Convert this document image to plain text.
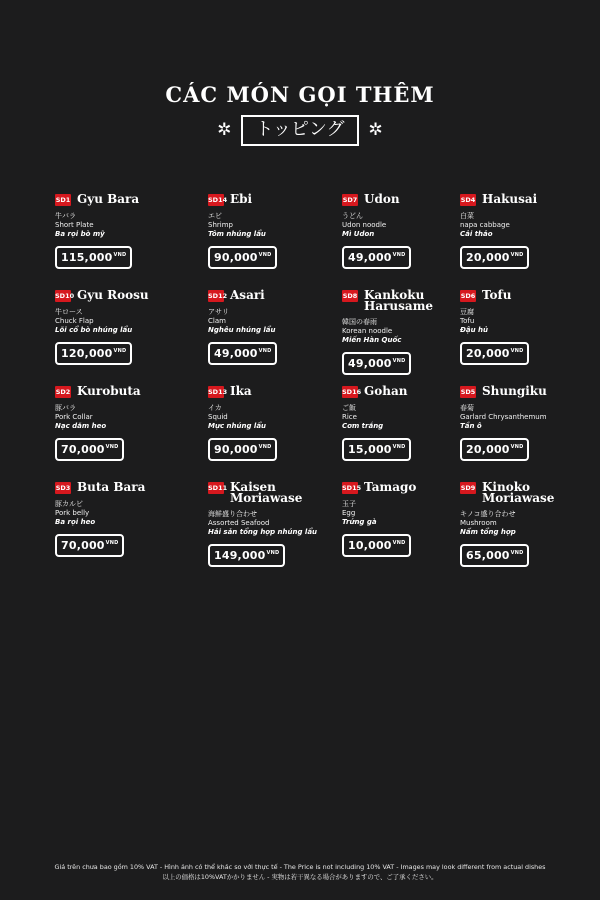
CÁC MÓN GỌI THÊM
✲	トッピング	✲
SD1 Gyu Bara
牛バラ
Short Plate
Ba rọi bò mỹ
$115,000^{VND}$
SD14 Ebi
エビ
Shrimp
Tôm nhúng lẩu
$90,000^{VND}$
SD7 Udon
うどん
Udon noodle
Mì Udon
$49,000^{VND}$
SD4 Hakusai
白菜
napa cabbage
Cải thảo
$20,000^{VND}$
SD10 Gyu Roosu
牛ロース
Chuck Flap
Lõi cổ bò nhúng lẩu
$120,000^{VND}$
SD12 Asari
アサリ
Clam
Nghêu nhúng lẩu
$49,000^{VND}$
SD8 Kankoku Harusame
韓国の春雨
Korean noodle
Miến Hàn Quốc
$49,000^{VND}$
SD6 Tofu
豆腐
Tofu
Đậu hủ
$20,000^{VND}$
SD2 Kurobuta
豚バラ
Pork Collar
Nạc dăm heo
$70,000^{VND}$
SD13 Ika
イカ
Squid
Mực nhúng lẩu
$90,000^{VND}$
SD16 Gohan
ご飯
Rice
Cơm trắng
$15,000^{VND}$
SD5 Shungiku
春菊
Garlard Chrysanthemum
Tần ô
$20,000^{VND}$
SD3 Buta Bara
豚カルビ
Pork belly
Ba rọi heo
$70,000^{VND}$
SD11 Kaisen Moriawase
海鮮盛り合わせ
Assorted Seafood
Hải sản tổng hợp nhúng lẩu
$149,000^{VND}$
SD15 Tamago
玉子
Egg
Trứng gà
$10,000^{VND}$
SD9 Kinoko Moriawase
キノコ盛り合わせ
Mushroom
Nấm tổng hợp
$65,000^{VND}$
Giá trên chưa bao gồm 10% VAT - Hình ảnh có thể khác so với thực tế - The Price is not including 10% VAT - Images may look different from actual dishes
以上の価格は10%VATかかりません - 実物は若干異なる場合がありますので、ご了承ください。
